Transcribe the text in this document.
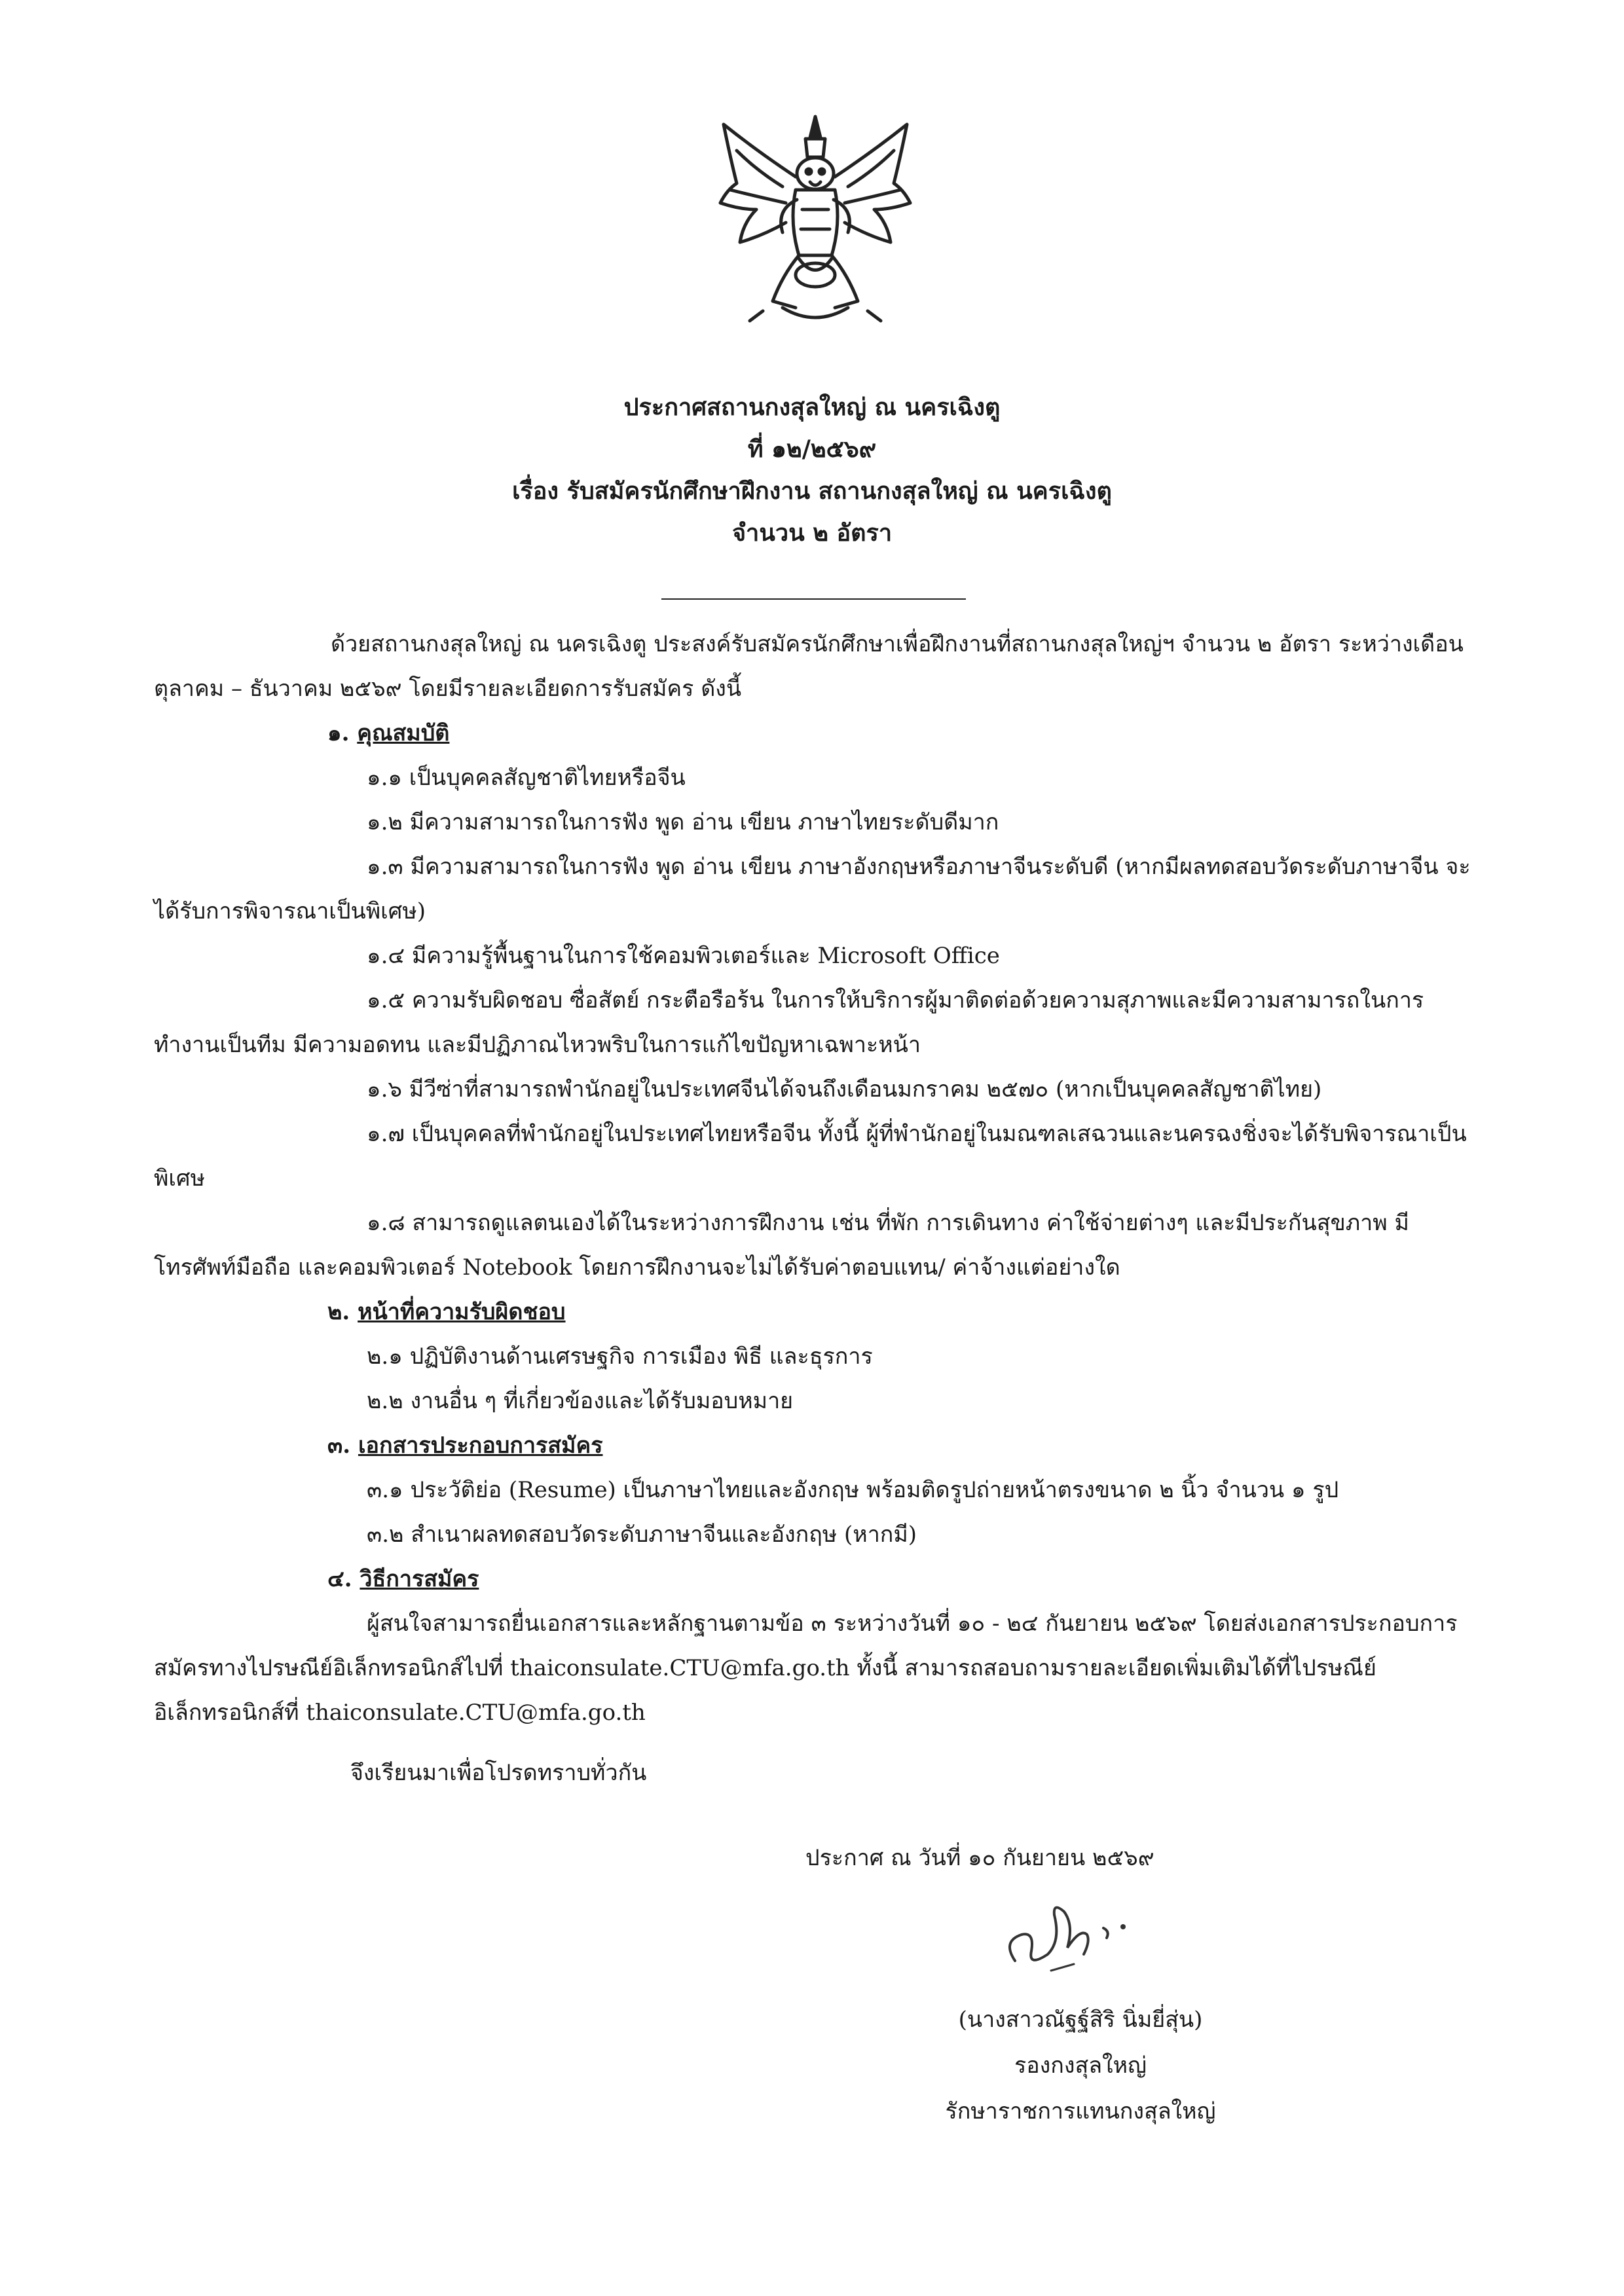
ประกาศสถานกงสุลใหญ่ ณ นครเฉิงตู
ที่ ๑๒/๒๕๖๙
เรื่อง รับสมัครนักศึกษาฝึกงาน สถานกงสุลใหญ่ ณ นครเฉิงตู
จำนวน ๒ อัตรา

ด้วยสถานกงสุลใหญ่ ณ นครเฉิงตู ประสงค์รับสมัครนักศึกษาเพื่อฝึกงานที่สถานกงสุลใหญ่ฯ จำนวน ๒ อัตรา ระหว่างเดือนตุลาคม – ธันวาคม ๒๕๖๙ โดยมีรายละเอียดการรับสมัคร ดังนี้

๑. คุณสมบัติ

๑.๑ เป็นบุคคลสัญชาติไทยหรือจีน

๑.๒ มีความสามารถในการฟัง พูด อ่าน เขียน ภาษาไทยระดับดีมาก

๑.๓ มีความสามารถในการฟัง พูด อ่าน เขียน ภาษาอังกฤษหรือภาษาจีนระดับดี (หากมีผลทดสอบวัดระดับภาษาจีน จะได้รับการพิจารณาเป็นพิเศษ)

๑.๔ มีความรู้พื้นฐานในการใช้คอมพิวเตอร์และ Microsoft Office

๑.๕ ความรับผิดชอบ ซื่อสัตย์ กระตือรือร้น ในการให้บริการผู้มาติดต่อด้วยความสุภาพและมีความสามารถในการทำงานเป็นทีม มีความอดทน และมีปฏิภาณไหวพริบในการแก้ไขปัญหาเฉพาะหน้า

๑.๖ มีวีซ่าที่สามารถพำนักอยู่ในประเทศจีนได้จนถึงเดือนมกราคม ๒๕๗๐ (หากเป็นบุคคลสัญชาติไทย)

๑.๗ เป็นบุคคลที่พำนักอยู่ในประเทศไทยหรือจีน ทั้งนี้ ผู้ที่พำนักอยู่ในมณฑลเสฉวนและนครฉงชิ่งจะได้รับพิจารณาเป็นพิเศษ

๑.๘ สามารถดูแลตนเองได้ในระหว่างการฝึกงาน เช่น ที่พัก การเดินทาง ค่าใช้จ่ายต่างๆ และมีประกันสุขภาพ มีโทรศัพท์มือถือ และคอมพิวเตอร์ Notebook โดยการฝึกงานจะไม่ได้รับค่าตอบแทน/ ค่าจ้างแต่อย่างใด

๒. หน้าที่ความรับผิดชอบ

๒.๑ ปฏิบัติงานด้านเศรษฐกิจ การเมือง พิธี และธุรการ

๒.๒ งานอื่น ๆ ที่เกี่ยวข้องและได้รับมอบหมาย

๓. เอกสารประกอบการสมัคร

๓.๑ ประวัติย่อ (Resume) เป็นภาษาไทยและอังกฤษ พร้อมติดรูปถ่ายหน้าตรงขนาด ๒ นิ้ว จำนวน ๑ รูป

๓.๒ สำเนาผลทดสอบวัดระดับภาษาจีนและอังกฤษ (หากมี)

๔. วิธีการสมัคร

ผู้สนใจสามารถยื่นเอกสารและหลักฐานตามข้อ ๓ ระหว่างวันที่ ๑๐ - ๒๔ กันยายน ๒๕๖๙ โดยส่งเอกสารประกอบการสมัครทางไปรษณีย์อิเล็กทรอนิกส์ไปที่ thaiconsulate.CTU@mfa.go.th ทั้งนี้ สามารถสอบถามรายละเอียดเพิ่มเติมได้ที่ไปรษณีย์อิเล็กทรอนิกส์ที่ thaiconsulate.CTU@mfa.go.th

จึงเรียนมาเพื่อโปรดทราบทั่วกัน
ประกาศ ณ วันที่ ๑๐ กันยายน ๒๕๖๙
(นางสาวณัฐฐ์สิริ นิ่มยี่สุ่น)
รองกงสุลใหญ่
รักษาราชการแทนกงสุลใหญ่
